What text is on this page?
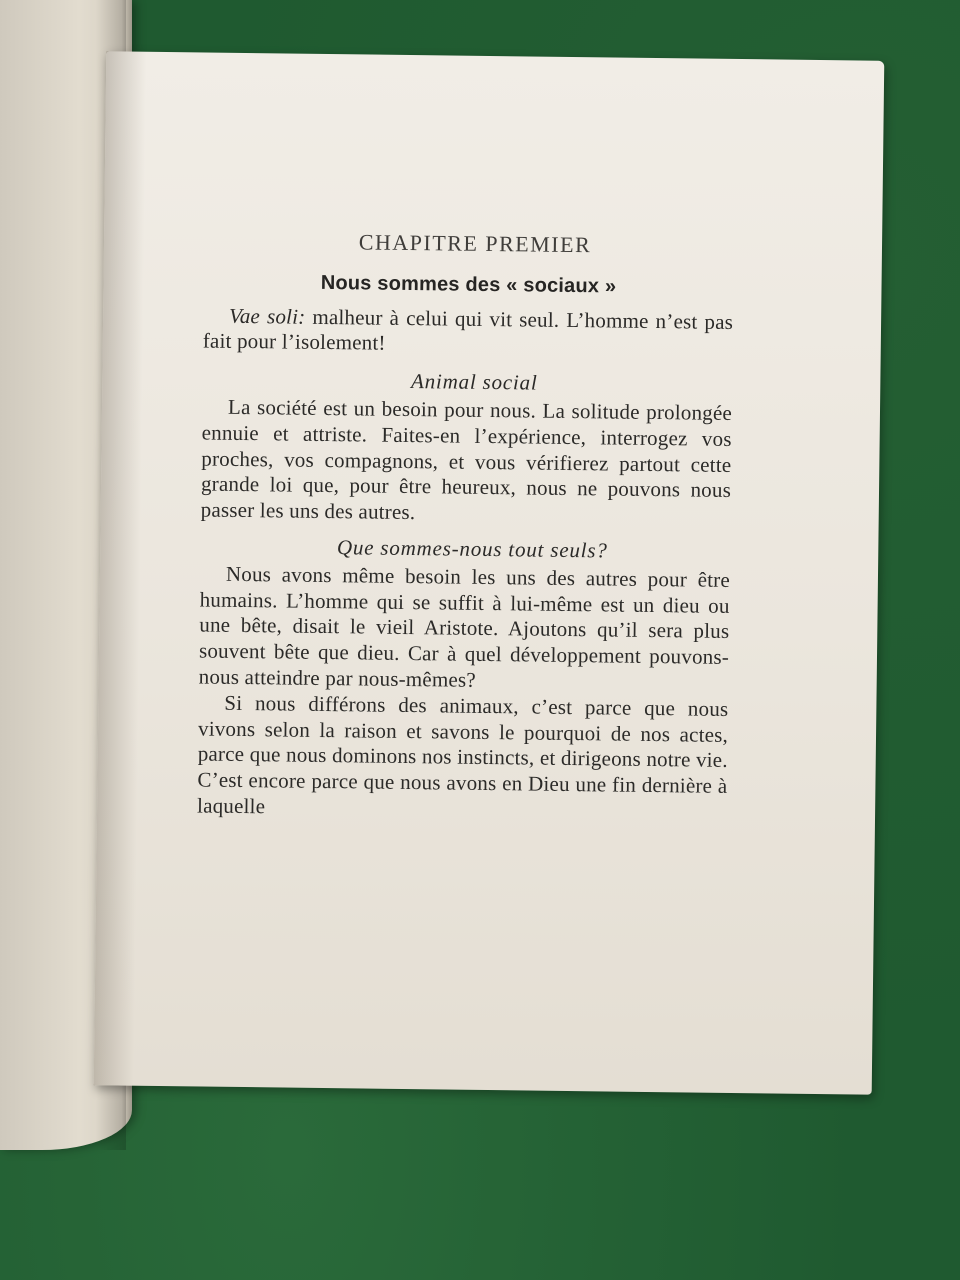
CHAPITRE PREMIER
Nous sommes des « sociaux »

Vae soli: malheur à celui qui vit seul. L’homme n’est pas fait pour l’isolement!

Animal social

La société est un besoin pour nous. La solitude prolongée ennuie et attriste. Faites-en l’expérience, interrogez vos proches, vos compagnons, et vous vérifierez partout cette grande loi que, pour être heureux, nous ne pouvons nous passer les uns des autres.

Que sommes-nous tout seuls?

Nous avons même besoin les uns des autres pour être humains. L’homme qui se suffit à lui-même est un dieu ou une bête, disait le vieil Aristote. Ajoutons qu’il sera plus souvent bête que dieu. Car à quel développement pouvons-nous atteindre par nous-mêmes?

Si nous différons des animaux, c’est parce que nous vivons selon la raison et savons le pourquoi de nos actes, parce que nous dominons nos instincts, et dirigeons notre vie. C’est encore parce que nous avons en Dieu une fin dernière à laquelle
